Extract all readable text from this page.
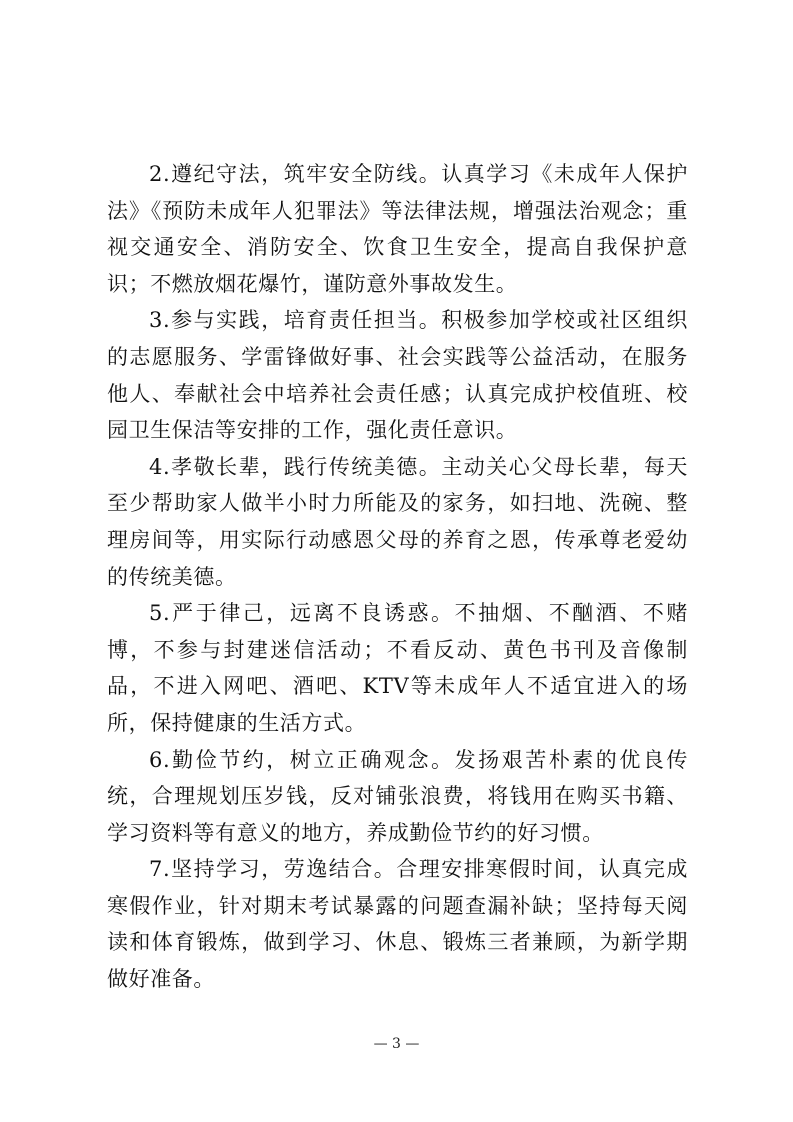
2.遵纪守法，筑牢安全防线。认真学习《未成年人保护法》《预防未成年人犯罪法》等法律法规，增强法治观念；重视交通安全、消防安全、饮食卫生安全，提高自我保护意识；不燃放烟花爆竹，谨防意外事故发生。

3.参与实践，培育责任担当。积极参加学校或社区组织的志愿服务、学雷锋做好事、社会实践等公益活动，在服务他人、奉献社会中培养社会责任感；认真完成护校值班、校园卫生保洁等安排的工作，强化责任意识。

4.孝敬长辈，践行传统美德。主动关心父母长辈，每天至少帮助家人做半小时力所能及的家务，如扫地、洗碗、整理房间等，用实际行动感恩父母的养育之恩，传承尊老爱幼的传统美德。

5.严于律己，远离不良诱惑。不抽烟、不酗酒、不赌博，不参与封建迷信活动；不看反动、黄色书刊及音像制品，不进入网吧、酒吧、KTV等未成年人不适宜进入的场所，保持健康的生活方式。

6.勤俭节约，树立正确观念。发扬艰苦朴素的优良传统，合理规划压岁钱，反对铺张浪费，将钱用在购买书籍、学习资料等有意义的地方，养成勤俭节约的好习惯。

7.坚持学习，劳逸结合。合理安排寒假时间，认真完成寒假作业，针对期末考试暴露的问题查漏补缺；坚持每天阅读和体育锻炼，做到学习、休息、锻炼三者兼顾，为新学期做好准备。

— 3 —
